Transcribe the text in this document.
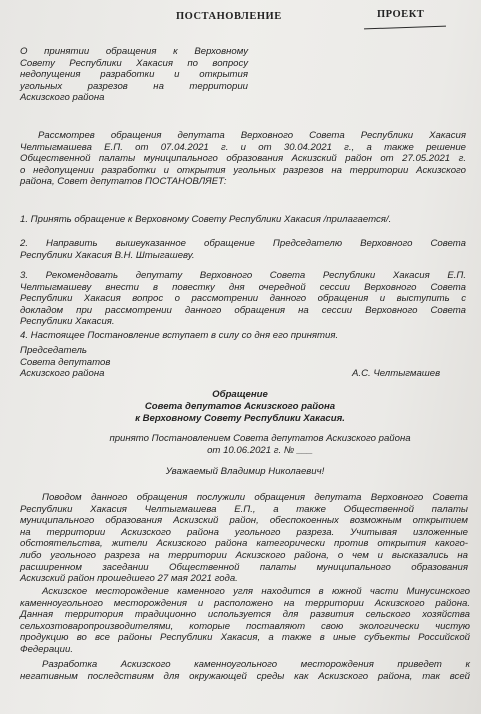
ПОСТАНОВЛЕНИЕ	ПРОЕКТ
О принятии обращения к Верховному
Совету Республики Хакасия по вопросу
недопущения разработки и открытия
угольных разрезов на территории
Аскизского района
Рассмотрев обращения депутата Верховного Совета Республики Хакасия
Челтыгмашева Е.П. от 07.04.2021 г. и от 30.04.2021 г., а также решение
Общественной палаты муниципального образования Аскизский район от 27.05.2021 г.
о недопущении разработки и открытия угольных разрезов на территории Аскизского
района, Совет депутатов ПОСТАНОВЛЯЕТ:
1. Принять обращение к Верховному Совету Республики Хакасия /прилагается/.
2. Направить вышеуказанное обращение Председателю Верховного Совета
Республики Хакасия В.Н. Штыгашеву.
3. Рекомендовать депутату Верховного Совета Республики Хакасия Е.П.
Челтыгмашеву внести в повестку дня очередной сессии Верховного Совета
Республики Хакасия вопрос о рассмотрении данного обращения и выступить с
докладом при рассмотрении данного обращения на сессии Верховного Совета
Республики Хакасия.
4. Настоящее Постановление вступает в силу со дня его принятия.
Председатель
Совета депутатов
Аскизского района	А.С. Челтыгмашев
Обращение
Совета депутатов Аскизского района
к Верховному Совету Республики Хакасия.
принято Постановлением Совета депутатов Аскизского района
от 10.06.2021 г. № ___
Уважаемый Владимир Николаевич!
Поводом данного обращения послужили обращения депутата Верховного Совета
Республики Хакасия Челтыгмашева Е.П., а также Общественной палаты
муниципального образования Аскизский район, обеспокоенных возможным открытием
на территории Аскизского района угольного разреза. Учитывая изложенные
обстоятельства, жители Аскизского района категорически против открытия какого-
либо угольного разреза на территории Аскизского района, о чем и высказались на
расширенном заседании Общественной палаты муниципального образования
Аскизский район прошедшего 27 мая 2021 года.
Аскизское месторождение каменного угля находится в южной части Минусинского
каменноугольного месторождения и расположено на территории Аскизского района.
Данная территория традиционно используется для развития сельского хозяйства
сельхозтоваропроизводителями, которые поставляют свою экологически чистую
продукцию во все районы Республики Хакасия, а также в иные субъекты Российской
Федерации.
Разработка Аскизского каменноугольного месторождения приведет к
негативным последствиям для окружающей среды как Аскизского района, так всей
